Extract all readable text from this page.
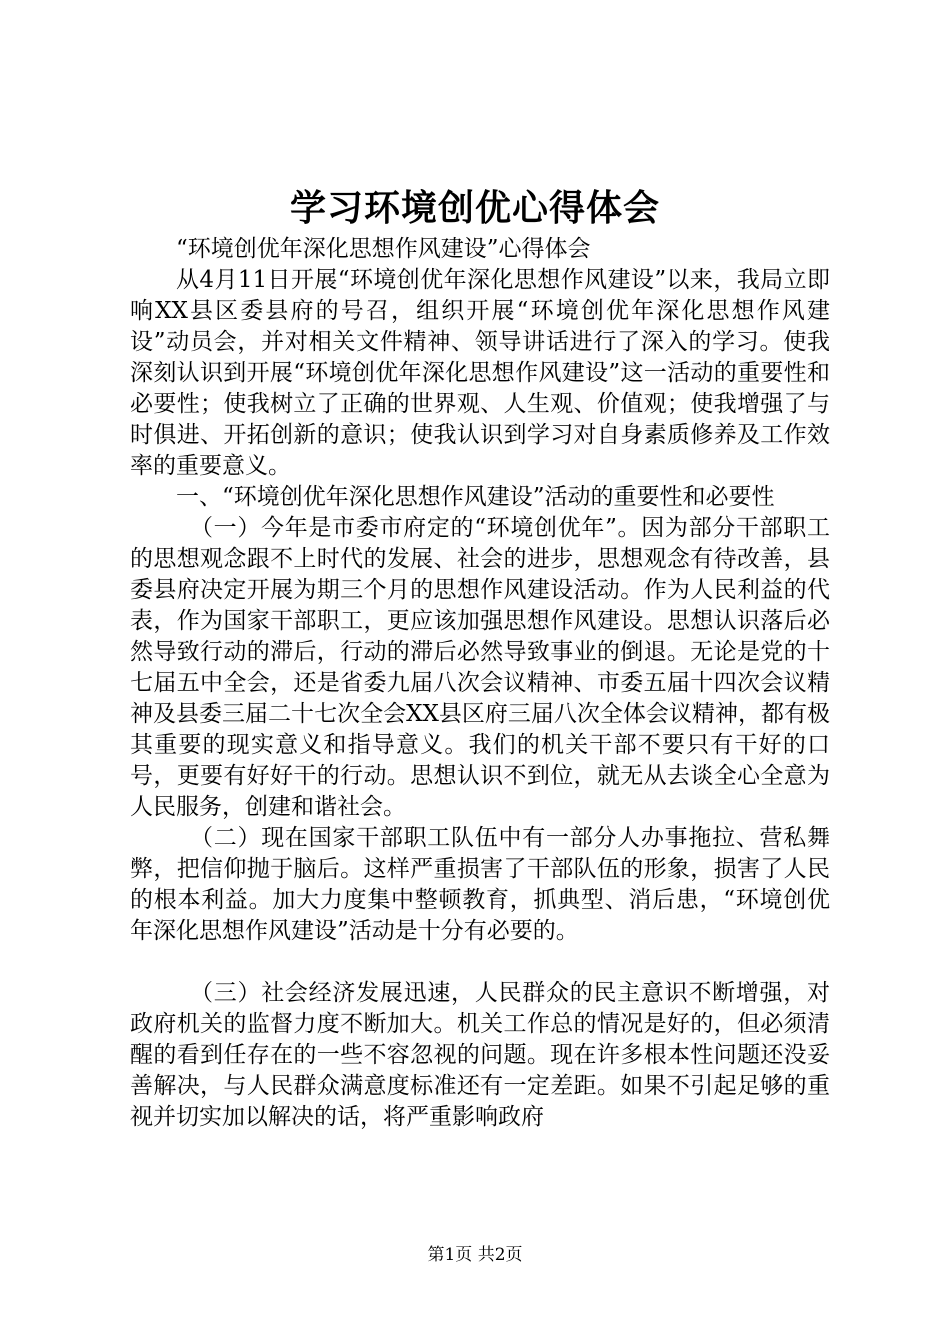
学习环境创优心得体会

“环境创优年深化思想作风建设”心得体会

从4月11日开展“环境创优年深化思想作风建设”以来，我局立即响XX县区委县府的号召，组织开展“环境创优年深化思想作风建设”动员会，并对相关文件精神、领导讲话进行了深入的学习。使我深刻认识到开展“环境创优年深化思想作风建设”这一活动的重要性和必要性；使我树立了正确的世界观、人生观、价值观；使我增强了与时俱进、开拓创新的意识；使我认识到学习对自身素质修养及工作效率的重要意义。

一、“环境创优年深化思想作风建设”活动的重要性和必要性

（一）今年是市委市府定的“环境创优年”。因为部分干部职工的思想观念跟不上时代的发展、社会的进步，思想观念有待改善，县委县府决定开展为期三个月的思想作风建设活动。作为人民利益的代表，作为国家干部职工，更应该加强思想作风建设。思想认识落后必然导致行动的滞后，行动的滞后必然导致事业的倒退。无论是党的十七届五中全会，还是省委九届八次会议精神、市委五届十四次会议精神及县委三届二十七次全会XX县区府三届八次全体会议精神，都有极其重要的现实意义和指导意义。我们的机关干部不要只有干好的口号，更要有好好干的行动。思想认识不到位，就无从去谈全心全意为人民服务，创建和谐社会。

（二）现在国家干部职工队伍中有一部分人办事拖拉、营私舞弊，把信仰抛于脑后。这样严重损害了干部队伍的形象，损害了人民的根本利益。加大力度集中整顿教育，抓典型、消后患，“环境创优年深化思想作风建设”活动是十分有必要的。

（三）社会经济发展迅速，人民群众的民主意识不断增强，对政府机关的监督力度不断加大。机关工作总的情况是好的，但必须清醒的看到任存在的一些不容忽视的问题。现在许多根本性问题还没妥善解决，与人民群众满意度标准还有一定差距。如果不引起足够的重视并切实加以解决的话，将严重影响政府

第1页 共2页
